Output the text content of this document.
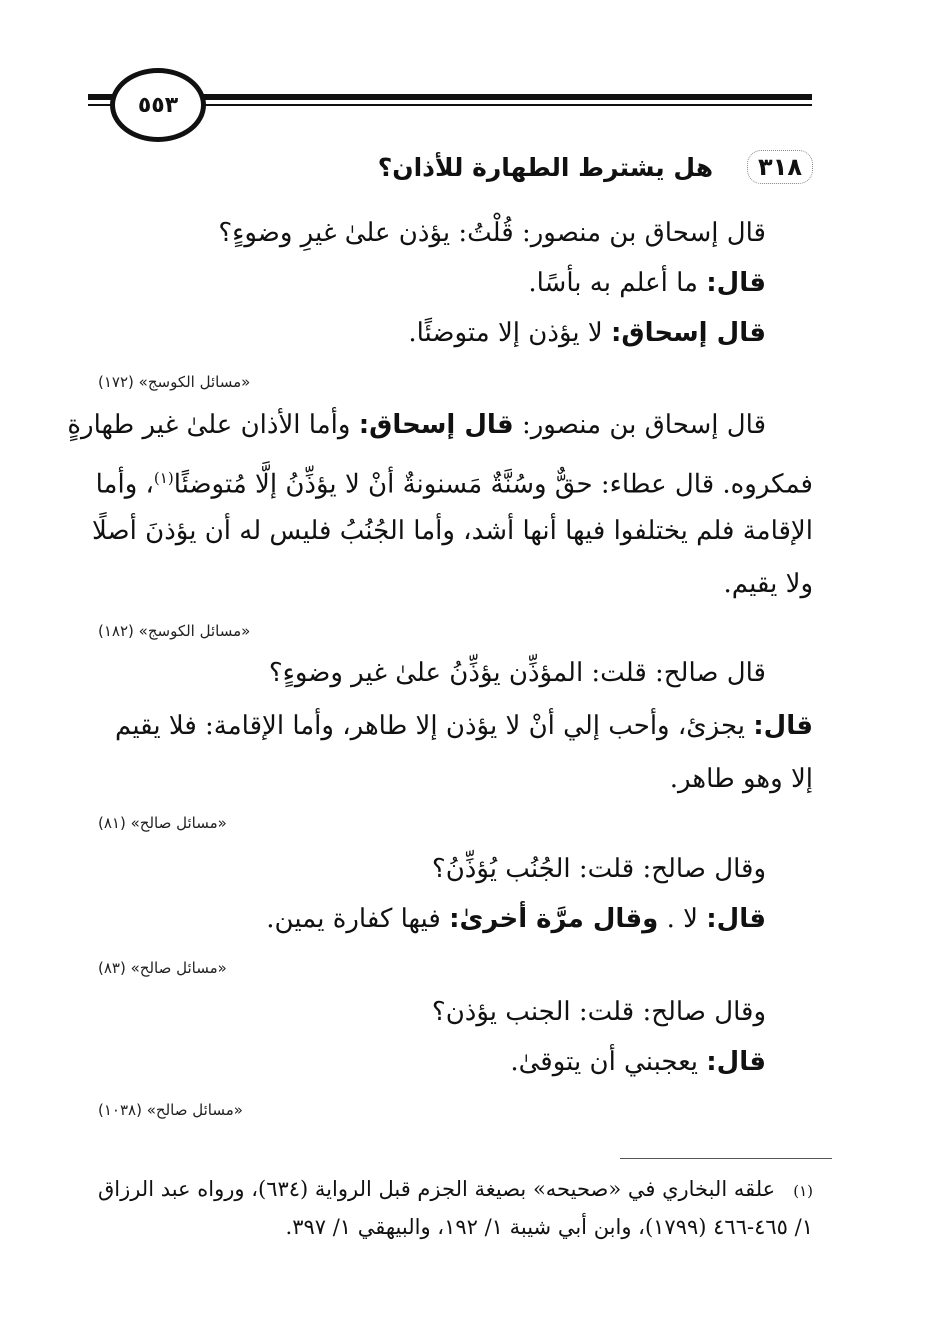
٥٥٣
٣١٨
هل يشترط الطهارة للأذان؟
قال إسحاق بن منصور: قُلْتُ: يؤذن علىٰ غيرِ وضوءٍ؟
قال: ما أعلم به بأسًا.
قال إسحاق: لا يؤذن إلا متوضئًا.
«مسائل الكوسج» (١٧٢)
قال إسحاق بن منصور: قال إسحاق: وأما الأذان علىٰ غير طهارةٍ
فمكروه. قال عطاء: حقٌّ وسُنَّةٌ مَسنونةٌ أنْ لا يؤذِّنُ إلَّا مُتوضئًا$^{(١)}$، وأما
الإقامة فلم يختلفوا فيها أنها أشد، وأما الجُنُبُ فليس له أن يؤذنَ أصلًا
ولا يقيم.
«مسائل الكوسج» (١٨٢)
قال صالح: قلت: المؤذِّن يؤذِّنُ علىٰ غير وضوءٍ؟
قال: يجزئ، وأحب إلي أنْ لا يؤذن إلا طاهر، وأما الإقامة: فلا يقيم
إلا وهو طاهر.
«مسائل صالح» (٨١)
وقال صالح: قلت: الجُنُب يُؤذِّنُ؟
قال: لا . وقال مرَّة أخرىٰ: فيها كفارة يمين.
«مسائل صالح» (٨٣)
وقال صالح: قلت: الجنب يؤذن؟
قال: يعجبني أن يتوقىٰ.
«مسائل صالح» (١٠٣٨)
(١)علقه البخاري في «صحيحه» بصيغة الجزم قبل الرواية (٦٣٤)، ورواه عبد الرزاق
١/ ٤٦٥-٤٦٦ (١٧٩٩)، وابن أبي شيبة ١/ ١٩٢، والبيهقي ١/ ٣٩٧.
